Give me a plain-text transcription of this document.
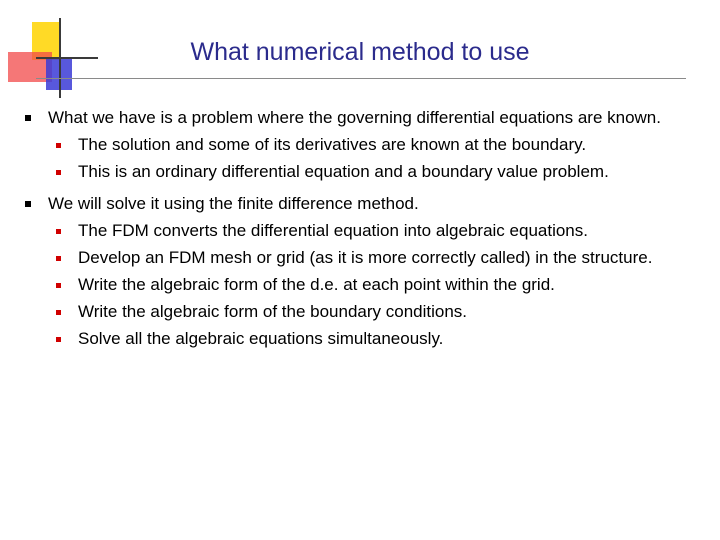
What numerical method to use
What we have is a problem where the governing differential equations are known.
The solution and some of its derivatives are known at the boundary.
This is an ordinary differential equation and a boundary value problem.
We will solve it using the finite difference method.
The FDM converts the differential equation into algebraic equations.
Develop an FDM mesh or grid (as it is more correctly called) in the structure.
Write the algebraic form of the d.e. at each point within the grid.
Write the algebraic form of the boundary conditions.
Solve all the algebraic equations simultaneously.
